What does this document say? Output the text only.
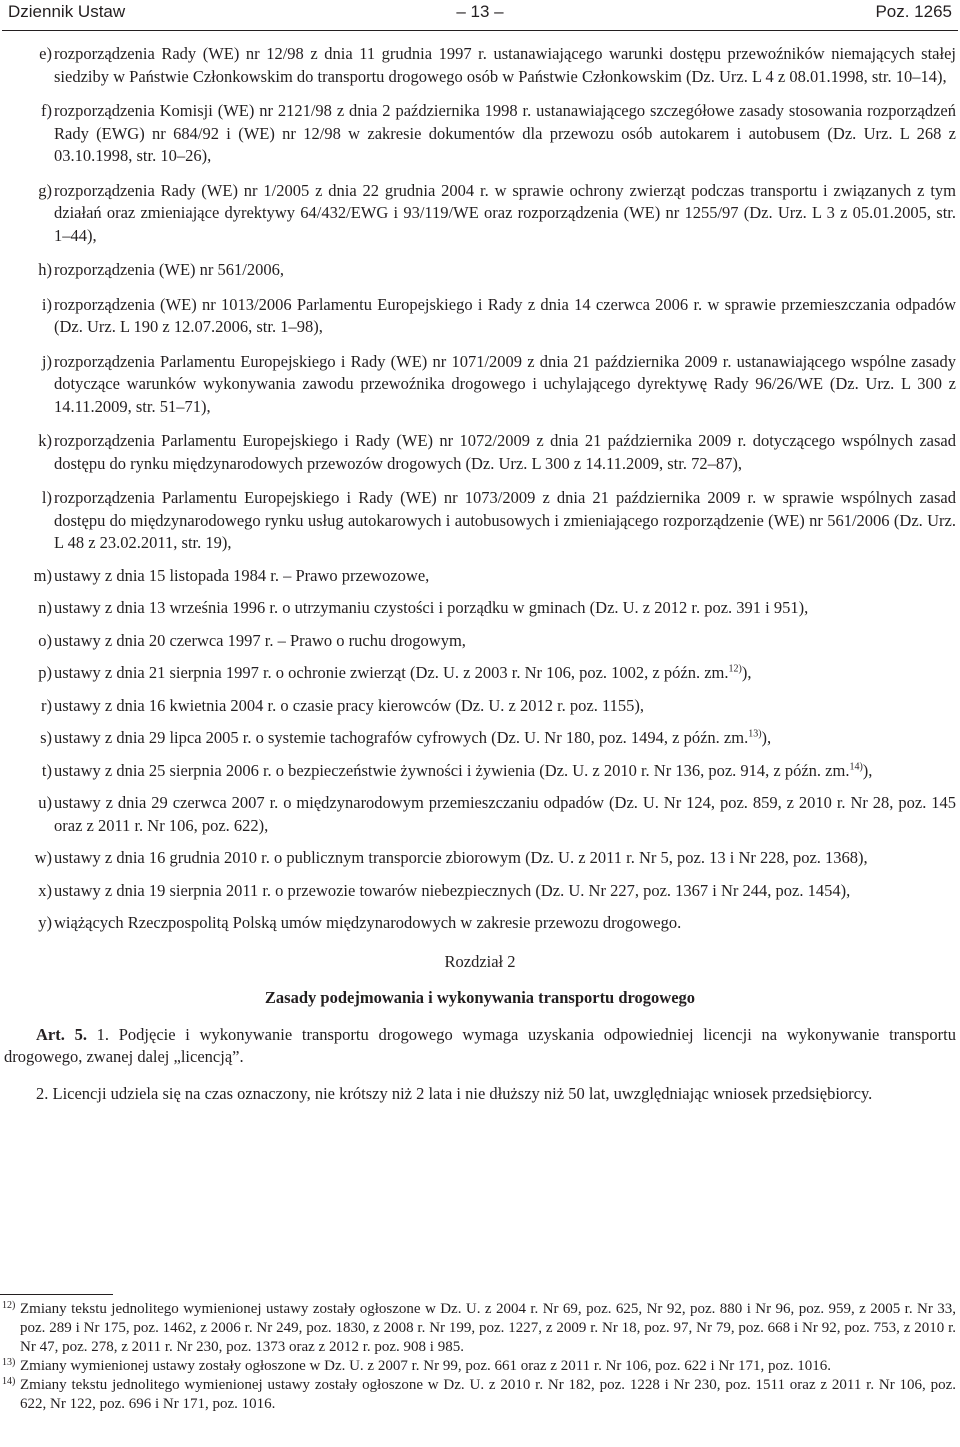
Dziennik Ustaw	– 13 –	Poz. 1265
e) rozporządzenia Rady (WE) nr 12/98 z dnia 11 grudnia 1997 r. ustanawiającego warunki dostępu przewoźników niemających stałej siedziby w Państwie Członkowskim do transportu drogowego osób w Państwie Członkowskim (Dz. Urz. L 4 z 08.01.1998, str. 10–14),
f) rozporządzenia Komisji (WE) nr 2121/98 z dnia 2 października 1998 r. ustanawiającego szczegółowe zasady stosowania rozporządzeń Rady (EWG) nr 684/92 i (WE) nr 12/98 w zakresie dokumentów dla przewozu osób autokarem i autobusem (Dz. Urz. L 268 z 03.10.1998, str. 10–26),
g) rozporządzenia Rady (WE) nr 1/2005 z dnia 22 grudnia 2004 r. w sprawie ochrony zwierząt podczas transportu i związanych z tym działań oraz zmieniające dyrektywy 64/432/EWG i 93/119/WE oraz rozporządzenia (WE) nr 1255/97 (Dz. Urz. L 3 z 05.01.2005, str. 1–44),
h) rozporządzenia (WE) nr 561/2006,
i) rozporządzenia (WE) nr 1013/2006 Parlamentu Europejskiego i Rady z dnia 14 czerwca 2006 r. w sprawie przemieszczania odpadów (Dz. Urz. L 190 z 12.07.2006, str. 1–98),
j) rozporządzenia Parlamentu Europejskiego i Rady (WE) nr 1071/2009 z dnia 21 października 2009 r. ustanawiającego wspólne zasady dotyczące warunków wykonywania zawodu przewoźnika drogowego i uchylającego dyrektywę Rady 96/26/WE (Dz. Urz. L 300 z 14.11.2009, str. 51–71),
k) rozporządzenia Parlamentu Europejskiego i Rady (WE) nr 1072/2009 z dnia 21 października 2009 r. dotyczącego wspólnych zasad dostępu do rynku międzynarodowych przewozów drogowych (Dz. Urz. L 300 z 14.11.2009, str. 72–87),
l) rozporządzenia Parlamentu Europejskiego i Rady (WE) nr 1073/2009 z dnia 21 października 2009 r. w sprawie wspólnych zasad dostępu do międzynarodowego rynku usług autokarowych i autobusowych i zmieniającego rozporządzenie (WE) nr 561/2006 (Dz. Urz. L 48 z 23.02.2011, str. 19),
m) ustawy z dnia 15 listopada 1984 r. – Prawo przewozowe,
n) ustawy z dnia 13 września 1996 r. o utrzymaniu czystości i porządku w gminach (Dz. U. z 2012 r. poz. 391 i 951),
o) ustawy z dnia 20 czerwca 1997 r. – Prawo o ruchu drogowym,
p) ustawy z dnia 21 sierpnia 1997 r. o ochronie zwierząt (Dz. U. z 2003 r. Nr 106, poz. 1002, z późn. zm.$^{12)}$),
r) ustawy z dnia 16 kwietnia 2004 r. o czasie pracy kierowców (Dz. U. z 2012 r. poz. 1155),
s) ustawy z dnia 29 lipca 2005 r. o systemie tachografów cyfrowych (Dz. U. Nr 180, poz. 1494, z późn. zm.$^{13)}$),
t) ustawy z dnia 25 sierpnia 2006 r. o bezpieczeństwie żywności i żywienia (Dz. U. z 2010 r. Nr 136, poz. 914, z późn. zm.$^{14)}$),
u) ustawy z dnia 29 czerwca 2007 r. o międzynarodowym przemieszczaniu odpadów (Dz. U. Nr 124, poz. 859, z 2010 r. Nr 28, poz. 145 oraz z 2011 r. Nr 106, poz. 622),
w) ustawy z dnia 16 grudnia 2010 r. o publicznym transporcie zbiorowym (Dz. U. z 2011 r. Nr 5, poz. 13 i Nr 228, poz. 1368),
x) ustawy z dnia 19 sierpnia 2011 r. o przewozie towarów niebezpiecznych (Dz. U. Nr 227, poz. 1367 i Nr 244, poz. 1454),
y) wiążących Rzeczpospolitą Polską umów międzynarodowych w zakresie przewozu drogowego.
Rozdział 2
Zasady podejmowania i wykonywania transportu drogowego
Art. 5. 1. Podjęcie i wykonywanie transportu drogowego wymaga uzyskania odpowiedniej licencji na wykonywanie transportu drogowego, zwanej dalej „licencją”.
2. Licencji udziela się na czas oznaczony, nie krótszy niż 2 lata i nie dłuższy niż 50 lat, uwzględniając wniosek przedsiębiorcy.
12) Zmiany tekstu jednolitego wymienionej ustawy zostały ogłoszone w Dz. U. z 2004 r. Nr 69, poz. 625, Nr 92, poz. 880 i Nr 96, poz. 959, z 2005 r. Nr 33, poz. 289 i Nr 175, poz. 1462, z 2006 r. Nr 249, poz. 1830, z 2008 r. Nr 199, poz. 1227, z 2009 r. Nr 18, poz. 97, Nr 79, poz. 668 i Nr 92, poz. 753, z 2010 r. Nr 47, poz. 278, z 2011 r. Nr 230, poz. 1373 oraz z 2012 r. poz. 908 i 985.
13) Zmiany wymienionej ustawy zostały ogłoszone w Dz. U. z 2007 r. Nr 99, poz. 661 oraz z 2011 r. Nr 106, poz. 622 i Nr 171, poz. 1016.
14) Zmiany tekstu jednolitego wymienionej ustawy zostały ogłoszone w Dz. U. z 2010 r. Nr 182, poz. 1228 i Nr 230, poz. 1511 oraz z 2011 r. Nr 106, poz. 622, Nr 122, poz. 696 i Nr 171, poz. 1016.
